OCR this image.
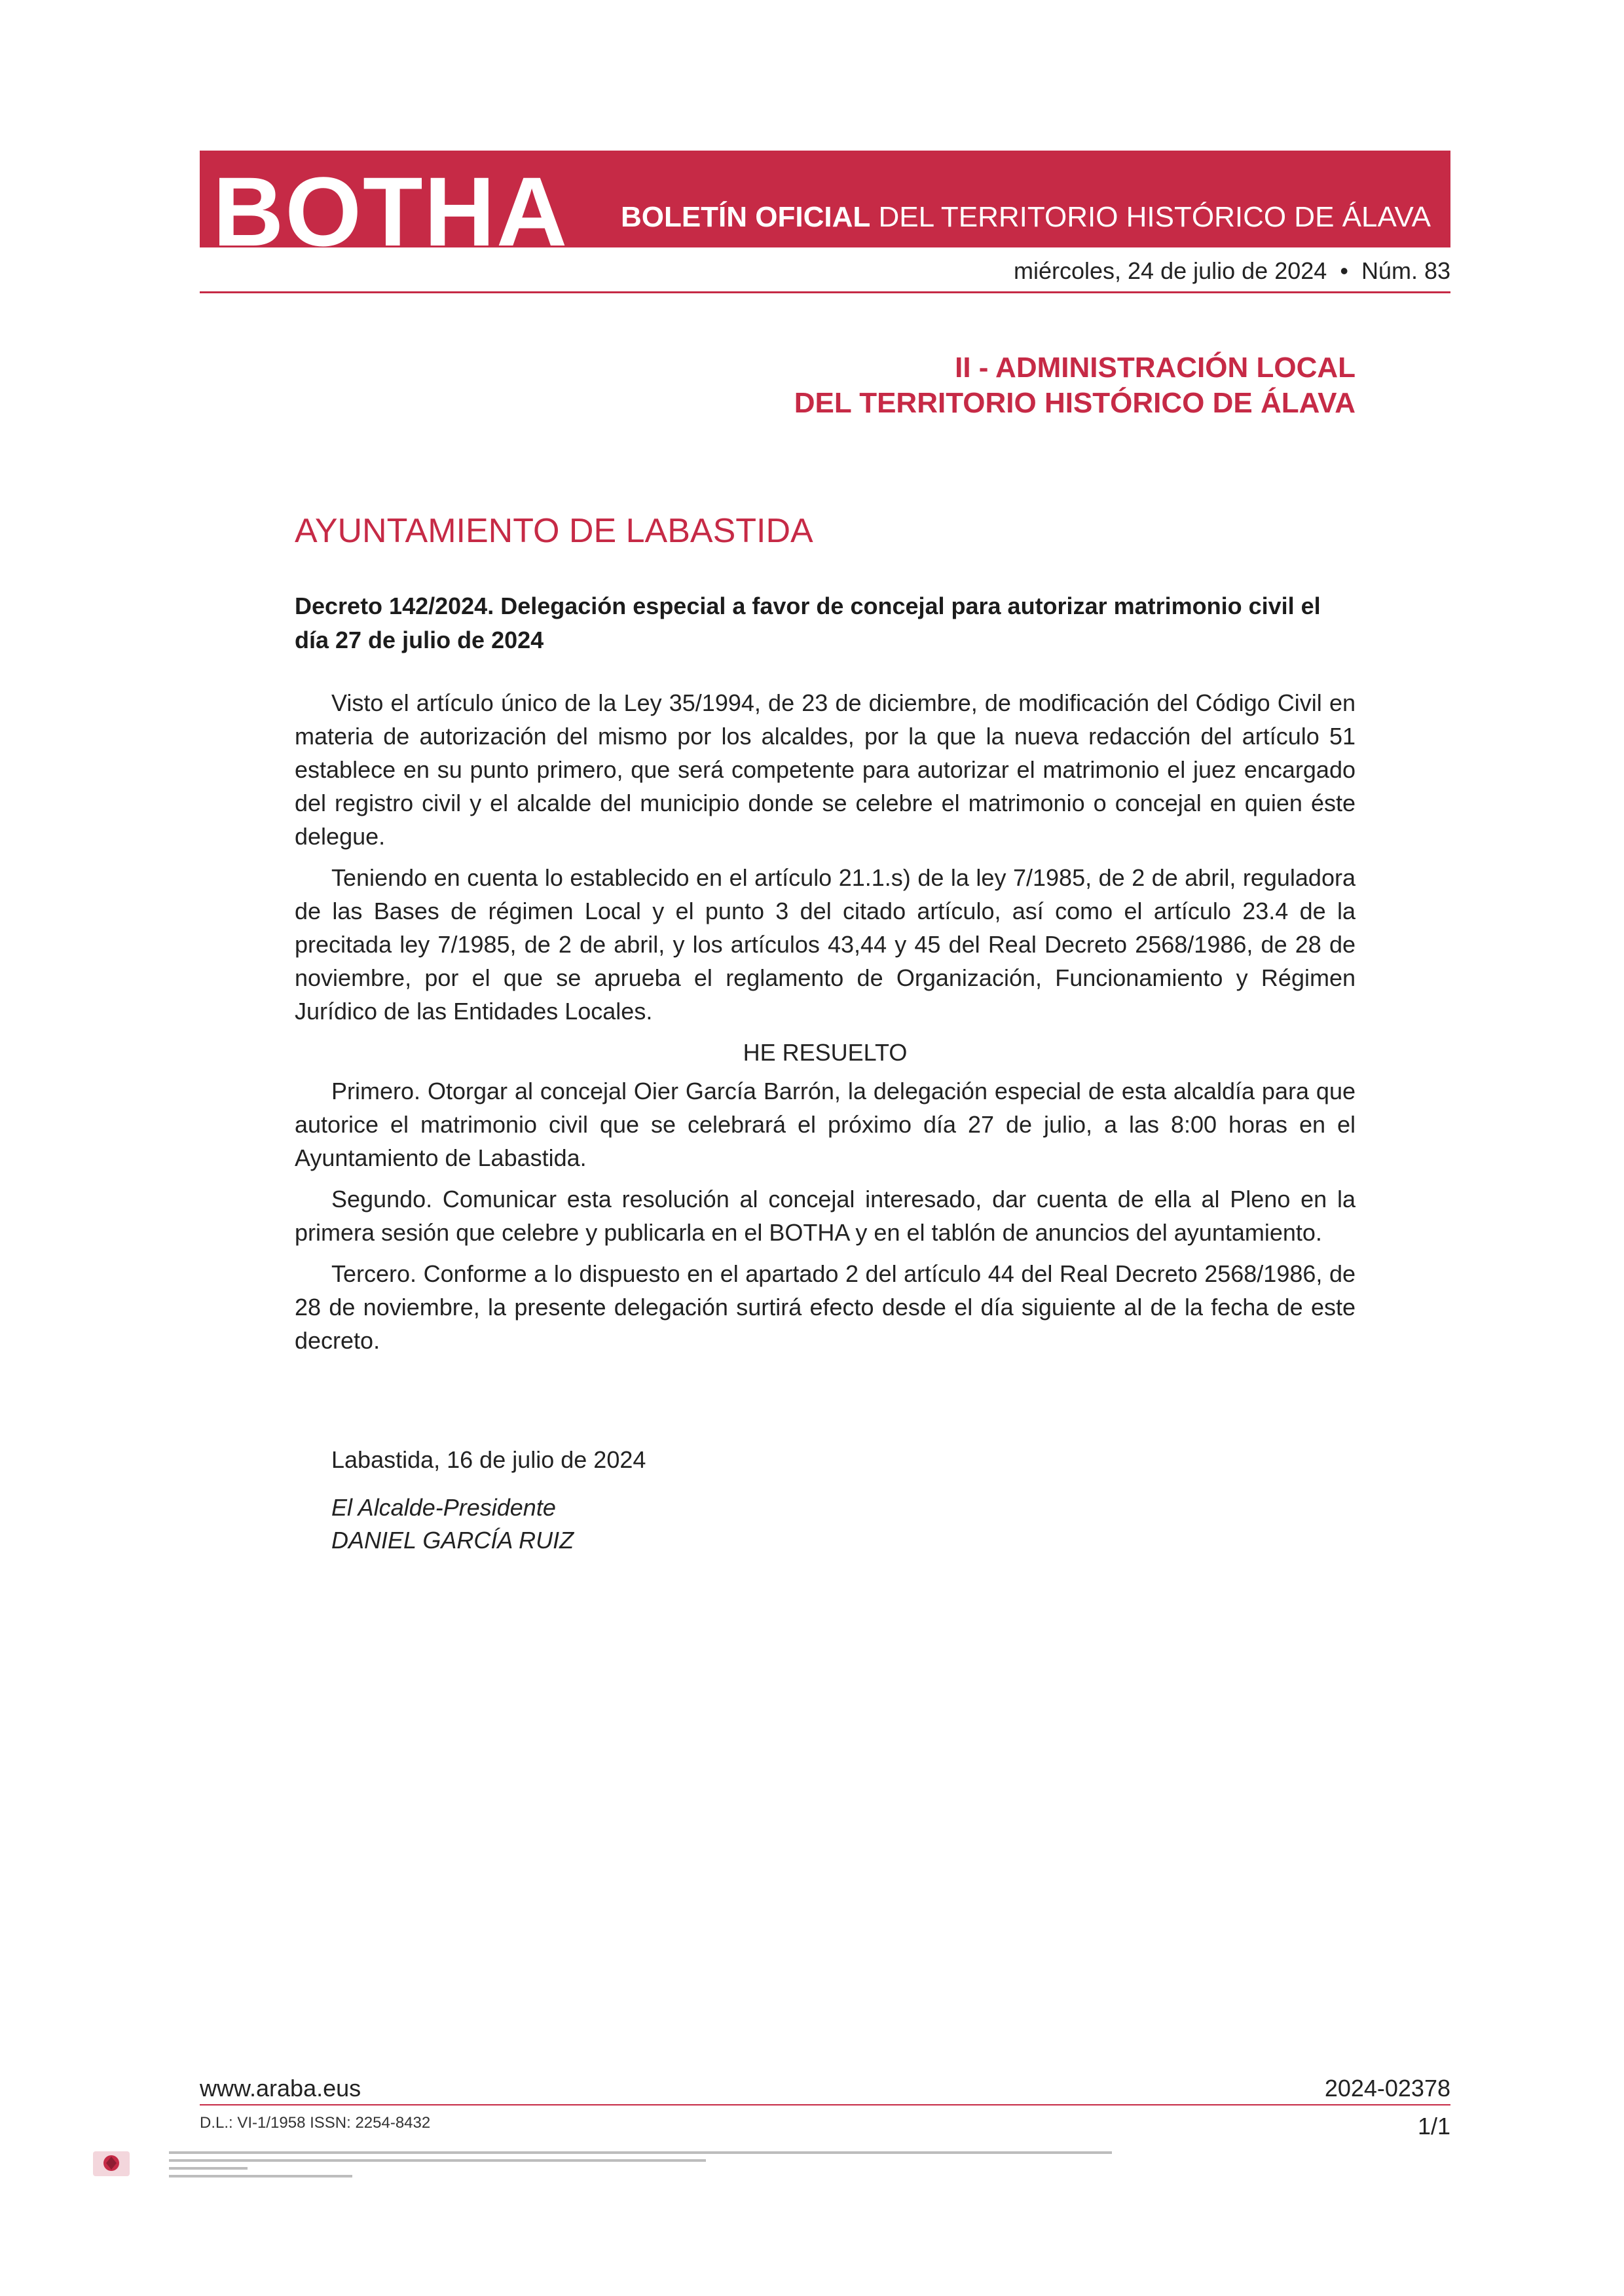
BOTHA BOLETÍN OFICIAL DEL TERRITORIO HISTÓRICO DE ÁLAVA
miércoles, 24 de julio de 2024  •  Núm. 83
II - ADMINISTRACIÓN LOCAL
DEL TERRITORIO HISTÓRICO DE ÁLAVA
AYUNTAMIENTO DE LABASTIDA
Decreto 142/2024. Delegación especial a favor de concejal para autorizar matrimonio civil el día 27 de julio de 2024

Visto el artículo único de la Ley 35/1994, de 23 de diciembre, de modificación del Código Civil en materia de autorización del mismo por los alcaldes, por la que la nueva redacción del artículo 51 establece en su punto primero, que será competente para autorizar el matrimonio el juez encargado del registro civil y el alcalde del municipio donde se celebre el matrimonio o concejal en quien éste delegue.

Teniendo en cuenta lo establecido en el artículo 21.1.s) de la ley 7/1985, de 2 de abril, reguladora de las Bases de régimen Local y el punto 3 del citado artículo, así como el artículo 23.4 de la precitada ley 7/1985, de 2 de abril, y los artículos 43,44 y 45 del Real Decreto 2568/1986, de 28 de noviembre, por el que se aprueba el reglamento de Organización, Funcionamiento y Régimen Jurídico de las Entidades Locales.

HE RESUELTO

Primero. Otorgar al concejal Oier García Barrón, la delegación especial de esta alcaldía para que autorice el matrimonio civil que se celebrará el próximo día 27 de julio, a las 8:00 horas en el Ayuntamiento de Labastida.

Segundo. Comunicar esta resolución al concejal interesado, dar cuenta de ella al Pleno en la primera sesión que celebre y publicarla en el BOTHA y en el tablón de anuncios del ayuntamiento.

Tercero. Conforme a lo dispuesto en el apartado 2 del artículo 44 del Real Decreto 2568/1986, de 28 de noviembre, la presente delegación surtirá efecto desde el día siguiente al de la fecha de este decreto.

Labastida, 16 de julio de 2024
El Alcalde-Presidente
DANIEL GARCÍA RUIZ
www.araba.eus	2024-02378
D.L.: VI-1/1958 ISSN: 2254-8432	1/1
